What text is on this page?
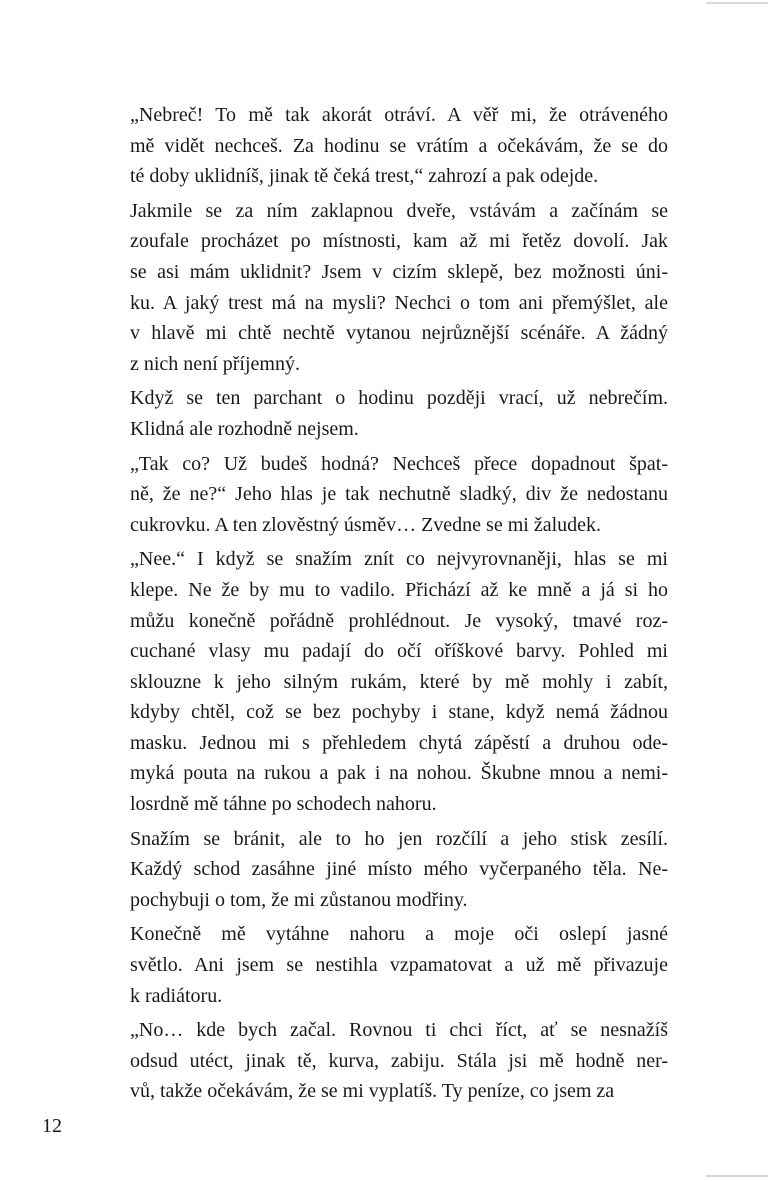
„Nebreč! To mě tak akorát otráví. A věř mi, že otráveného
mě vidět nechceš. Za hodinu se vrátím a očekávám, že se do
té doby uklidníš, jinak tě čeká trest,“ zahrozí a pak odejde.

Jakmile se za ním zaklapnou dveře, vstávám a začínám se
zoufale procházet po místnosti, kam až mi řetěz dovolí. Jak
se asi mám uklidnit? Jsem v cizím sklepě, bez možnosti úni-
ku. A jaký trest má na mysli? Nechci o tom ani přemýšlet, ale
v hlavě mi chtě nechtě vytanou nejrůznější scénáře. A žádný
z nich není příjemný.

Když se ten parchant o hodinu později vrací, už nebrečím.
Klidná ale rozhodně nejsem.

„Tak co? Už budeš hodná? Nechceš přece dopadnout špat-
ně, že ne?“ Jeho hlas je tak nechutně sladký, div že nedostanu
cukrovku. A ten zlověstný úsměv… Zvedne se mi žaludek.

„Nee.“ I když se snažím znít co nejvyrovnaněji, hlas se mi
klepe. Ne že by mu to vadilo. Přichází až ke mně a já si ho
můžu konečně pořádně prohlédnout. Je vysoký, tmavé roz-
cuchané vlasy mu padají do očí oříškové barvy. Pohled mi
sklouzne k jeho silným rukám, které by mě mohly i zabít,
kdyby chtěl, což se bez pochyby i stane, když nemá žádnou
masku. Jednou mi s přehledem chytá zápěstí a druhou ode-
myká pouta na rukou a pak i na nohou. Škubne mnou a nemi-
losrdně mě táhne po schodech nahoru.

Snažím se bránit, ale to ho jen rozčílí a jeho stisk zesílí.
Každý schod zasáhne jiné místo mého vyčerpaného těla. Ne-
pochybuji o tom, že mi zůstanou modřiny.

Konečně mě vytáhne nahoru a moje oči oslepí jasné
světlo. Ani jsem se nestihla vzpamatovat a už mě přivazuje
k radiátoru.

„No… kde bych začal. Rovnou ti chci říct, ať se nesnažíš
odsud utéct, jinak tě, kurva, zabiju. Stála jsi mě hodně ner-
vů, takže očekávám, že se mi vyplatíš. Ty peníze, co jsem za

12
